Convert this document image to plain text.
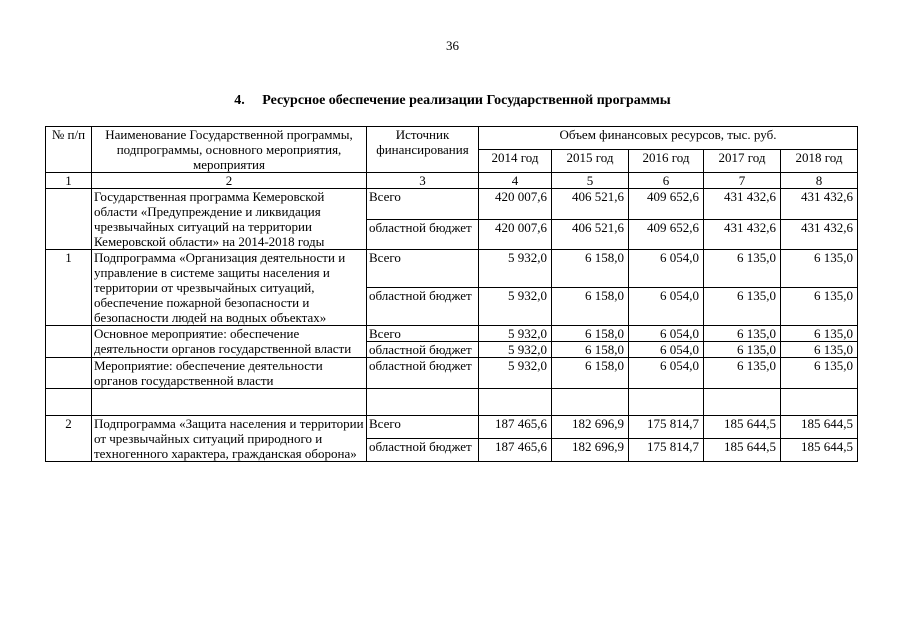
36
4. Ресурсное обеспечение реализации Государственной программы
№ п/п	Наименование Государственной программы, подпрограммы, основного мероприятия, мероприятия	Источник финансирования	Объем финансовых ресурсов, тыс. руб.				
			2014 год	2015 год	2016 год	2017 год	2018 год
1	2	3	4	5	6	7	8
	Государственная программа Кемеровской области «Предупреждение и ликвидация чрезвычайных ситуаций на территории Кемеровской области» на 2014-2018 годы	Всего	420 007,6	406 521,6	409 652,6	431 432,6	431 432,6
		областной бюджет	420 007,6	406 521,6	409 652,6	431 432,6	431 432,6
1	Подпрограмма «Организация деятельности и управление в системе защиты населения и территории от чрезвычайных ситуаций, обеспечение пожарной безопасности и безопасности людей на водных объектах»	Всего	5 932,0	6 158,0	6 054,0	6 135,0	6 135,0
		областной бюджет	5 932,0	6 158,0	6 054,0	6 135,0	6 135,0
	Основное мероприятие: обеспечение деятельности органов государственной власти	Всего	5 932,0	6 158,0	6 054,0	6 135,0	6 135,0
		областной бюджет	5 932,0	6 158,0	6 054,0	6 135,0	6 135,0
	Мероприятие: обеспечение деятельности органов государственной власти	областной бюджет	5 932,0	6 158,0	6 054,0	6 135,0	6 135,0

2	Подпрограмма «Защита населения и территории от чрезвычайных ситуаций природного и техногенного характера, гражданская оборона»	Всего	187 465,6	182 696,9	175 814,7	185 644,5	185 644,5
		областной бюджет	187 465,6	182 696,9	175 814,7	185 644,5	185 644,5
